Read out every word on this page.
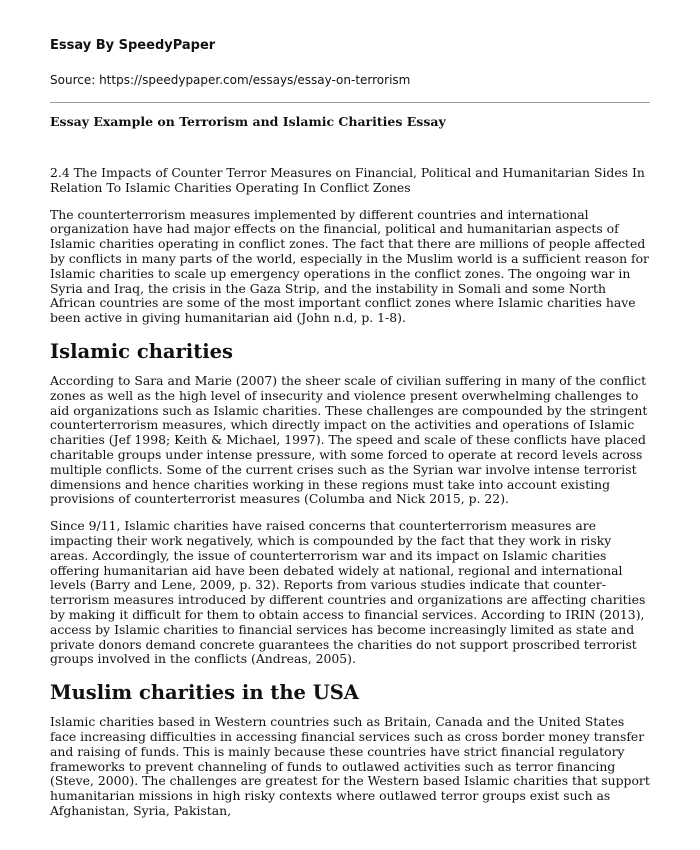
Essay By SpeedyPaper
Source: https://speedypaper.com/essays/essay-on-terrorism
Essay Example on Terrorism and Islamic Charities Essay

2.4 The Impacts of Counter Terror Measures on Financial, Political and Humanitarian Sides In Relation To Islamic Charities Operating In Conflict Zones

The counterterrorism measures implemented by different countries and international organization have had major effects on the financial, political and humanitarian aspects of Islamic charities operating in conflict zones. The fact that there are millions of people affected by conflicts in many parts of the world, especially in the Muslim world is a sufficient reason for Islamic charities to scale up emergency operations in the conflict zones. The ongoing war in Syria and Iraq, the crisis in the Gaza Strip, and the instability in Somali and some North African countries are some of the most important conflict zones where Islamic charities have been active in giving humanitarian aid (John n.d, p. 1-8).

Islamic charities

According to Sara and Marie (2007) the sheer scale of civilian suffering in many of the conflict zones as well as the high level of insecurity and violence present overwhelming challenges to aid organizations such as Islamic charities. These challenges are compounded by the stringent counterterrorism measures, which directly impact on the activities and operations of Islamic charities (Jef 1998; Keith & Michael, 1997). The speed and scale of these conflicts have placed charitable groups under intense pressure, with some forced to operate at record levels across multiple conflicts. Some of the current crises such as the Syrian war involve intense terrorist dimensions and hence charities working in these regions must take into account existing provisions of counterterrorist measures (Columba and Nick 2015, p. 22).

Since 9/11, Islamic charities have raised concerns that counterterrorism measures are impacting their work negatively, which is compounded by the fact that they work in risky areas. Accordingly, the issue of counterterrorism war and its impact on Islamic charities offering humanitarian aid have been debated widely at national, regional and international levels (Barry and Lene, 2009, p. 32). Reports from various studies indicate that counter-terrorism measures introduced by different countries and organizations are affecting charities by making it difficult for them to obtain access to financial services. According to IRIN (2013), access by Islamic charities to financial services has become increasingly limited as state and private donors demand concrete guarantees the charities do not support proscribed terrorist groups involved in the conflicts (Andreas, 2005).

Muslim charities in the USA

Islamic charities based in Western countries such as Britain, Canada and the United States face increasing difficulties in accessing financial services such as cross border money transfer and raising of funds. This is mainly because these countries have strict financial regulatory frameworks to prevent channeling of funds to outlawed activities such as terror financing (Steve, 2000). The challenges are greatest for the Western based Islamic charities that support humanitarian missions in high risky contexts where outlawed terror groups exist such as Afghanistan, Syria, Pakistan,
